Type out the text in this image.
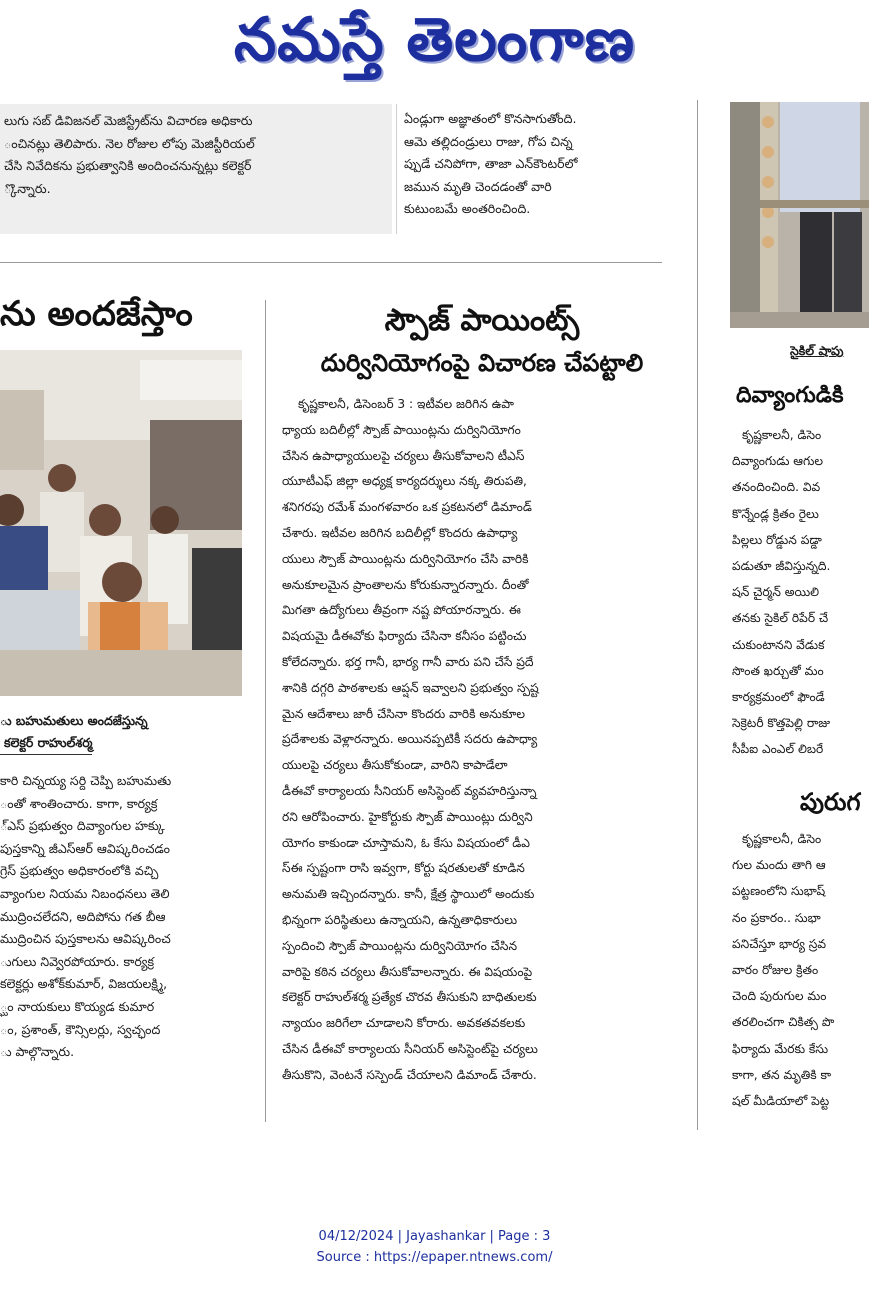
నమస్తే తెలంగాణ
లుగు సబ్ డివిజనల్ మెజిస్ట్రేట్‌ను విచారణ అధికారు
ంచినట్లు తెలిపారు. నెల రోజుల లోపు మెజిస్టీరియల్
చేసి నివేదికను ప్రభుత్వానికి అందించనున్నట్లు కలెక్టర్
్కొన్నారు.
ఏండ్లుగా అజ్ఞాతంలో కొనసాగుతోంది.
ఆమె తల్లిదండ్రులు రాజు, గోప చిన్న
ప్పుడే చనిపోగా, తాజా ఎన్‌కౌంటర్‌లో
జమున మృతి చెందడంతో వారి
కుటుంబమే అంతరించింది.
ను అందజేస్తాం
ు బహుమతులు అందజేస్తున్న
కలెక్టర్ రాహుల్‌శర్మ
కారి చిన్నయ్య సర్ది చెప్పి బహుమతు
ంతో శాంతించారు. కాగా, కార్యక్ర
్ఎస్ ప్రభుత్వం దివ్యాంగుల హక్కు
పుస్తకాన్ని జీఎస్‌ఆర్ ఆవిష్కరించడం
గ్రెస్ ప్రభుత్వం అధికారంలోకి వచ్చి
వ్యాంగుల నియమ నిబంధనలు తెలి
ముద్రించలేదని, అదిపోను గత బీఆ
ముద్రించిన పుస్తకాలను ఆవిష్కరించ
ుగులు నివ్వెరపోయారు. కార్యక్ర
కలెక్టర్లు అశోక్‌కుమార్, విజయలక్ష్మి,
్ఘం నాయకులు కొయ్యడ కుమార
ం, ప్రశాంత్, కౌన్సిలర్లు, స్వచ్ఛంద
ు పాల్గొన్నారు.
స్పౌజ్ పాయింట్స్
దుర్వినియోగంపై విచారణ చేపట్టాలి
కృష్ణకాలనీ, డిసెంబర్ 3 : ఇటీవల జరిగిన ఉపా
ధ్యాయ బదిలీల్లో స్పౌజ్ పాయింట్లను దుర్వినియోగం
చేసిన ఉపాధ్యాయులపై చర్యలు తీసుకోవాలని టీఎస్
యూటీఎఫ్ జిల్లా అధ్యక్ష కార్యదర్శులు నక్క తిరుపతి,
శనిగరపు రమేశ్ మంగళవారం ఒక ప్రకటనలో డిమాండ్
చేశారు. ఇటీవల జరిగిన బదిలీల్లో కొందరు ఉపాధ్యా
యులు స్పౌజ్ పాయింట్లను దుర్వినియోగం చేసి వారికి
అనుకూలమైన ప్రాంతాలను కోరుకున్నారన్నారు. దీంతో
మిగతా ఉద్యోగులు తీవ్రంగా నష్ట పోయారన్నారు. ఈ
విషయమై డీఈవోకు ఫిర్యాదు చేసినా కనీసం పట్టించు
కోలేదన్నారు. భర్త గానీ, భార్య గానీ వారు పని చేసే ప్రదే
శానికి దగ్గరి పాఠశాలకు ఆప్షన్ ఇవ్వాలని ప్రభుత్వం స్పష్ట
మైన ఆదేశాలు జారీ చేసినా కొందరు వారికి అనుకూల
ప్రదేశాలకు వెళ్లారన్నారు. అయినప్పటికీ సదరు ఉపాధ్యా
యులపై చర్యలు తీసుకోకుండా, వారిని కాపాడేలా
డీఈవో కార్యాలయ సీనియర్ అసిస్టెంట్ వ్యవహరిస్తున్నా
రని ఆరోపించారు. హైకోర్టుకు స్పౌజ్ పాయింట్లు దుర్విని
యోగం కాకుండా చూస్తామని, ఓ కేసు విషయంలో డీఎ
స్ఈ స్పష్టంగా రాసి ఇవ్వగా, కోర్టు షరతులతో కూడిన
అనుమతి ఇచ్చిందన్నారు. కానీ, క్షేత్ర స్థాయిలో అందుకు
భిన్నంగా పరిస్థితులు ఉన్నాయని, ఉన్నతాధికారులు
స్పందించి స్పౌజ్ పాయింట్లను దుర్వినియోగం చేసిన
వారిపై కఠిన చర్యలు తీసుకోవాలన్నారు. ఈ విషయంపై
కలెక్టర్ రాహుల్‌శర్మ ప్రత్యేక చొరవ తీసుకుని బాధితులకు
న్యాయం జరిగేలా చూడాలని కోరారు. అవకతవకలకు
చేసిన డీఈవో కార్యాలయ సీనియర్ అసిస్టెంట్‌పై చర్యలు
తీసుకొని, వెంటనే సస్పెండ్ చేయాలని డిమాండ్ చేశారు.
సైకిల్ షాపు
దివ్యాంగుడికి
కృష్ణకాలనీ, డిసెం
దివ్యాంగుడు ఆగుల
తనందించింది. వివ
కొన్నేండ్ల క్రితం రైలు
పిల్లలు రోడ్డున పడ్డా
పడుతూ జీవిస్తున్నది.
షన్ చైర్మన్ అయిలి
తనకు సైకిల్ రిపేర్ చే
చుకుంటానని వేడుక
సొంత ఖర్చుతో మం
కార్యక్రమంలో ఫౌండే
సెక్రెటరీ కొత్తపెల్లి రాజు
సీపీఐ ఎంఎల్ లిబరే
పురుగ
కృష్ణకాలనీ, డిసెం
గుల మందు తాగి ఆ
పట్టణంలోని సుభాష్
నం ప్రకారం.. సుభా
పనిచేస్తూ భార్య స్రవ
వారం రోజుల క్రితం
చెంది పురుగుల మం
తరలించగా చికిత్స పొ
ఫిర్యాదు మేరకు కేసు
కాగా, తన మృతికి కా
షల్ మీడియాలో పెట్ట
04/12/2024 | Jayashankar | Page : 3
Source : https://epaper.ntnews.com/
